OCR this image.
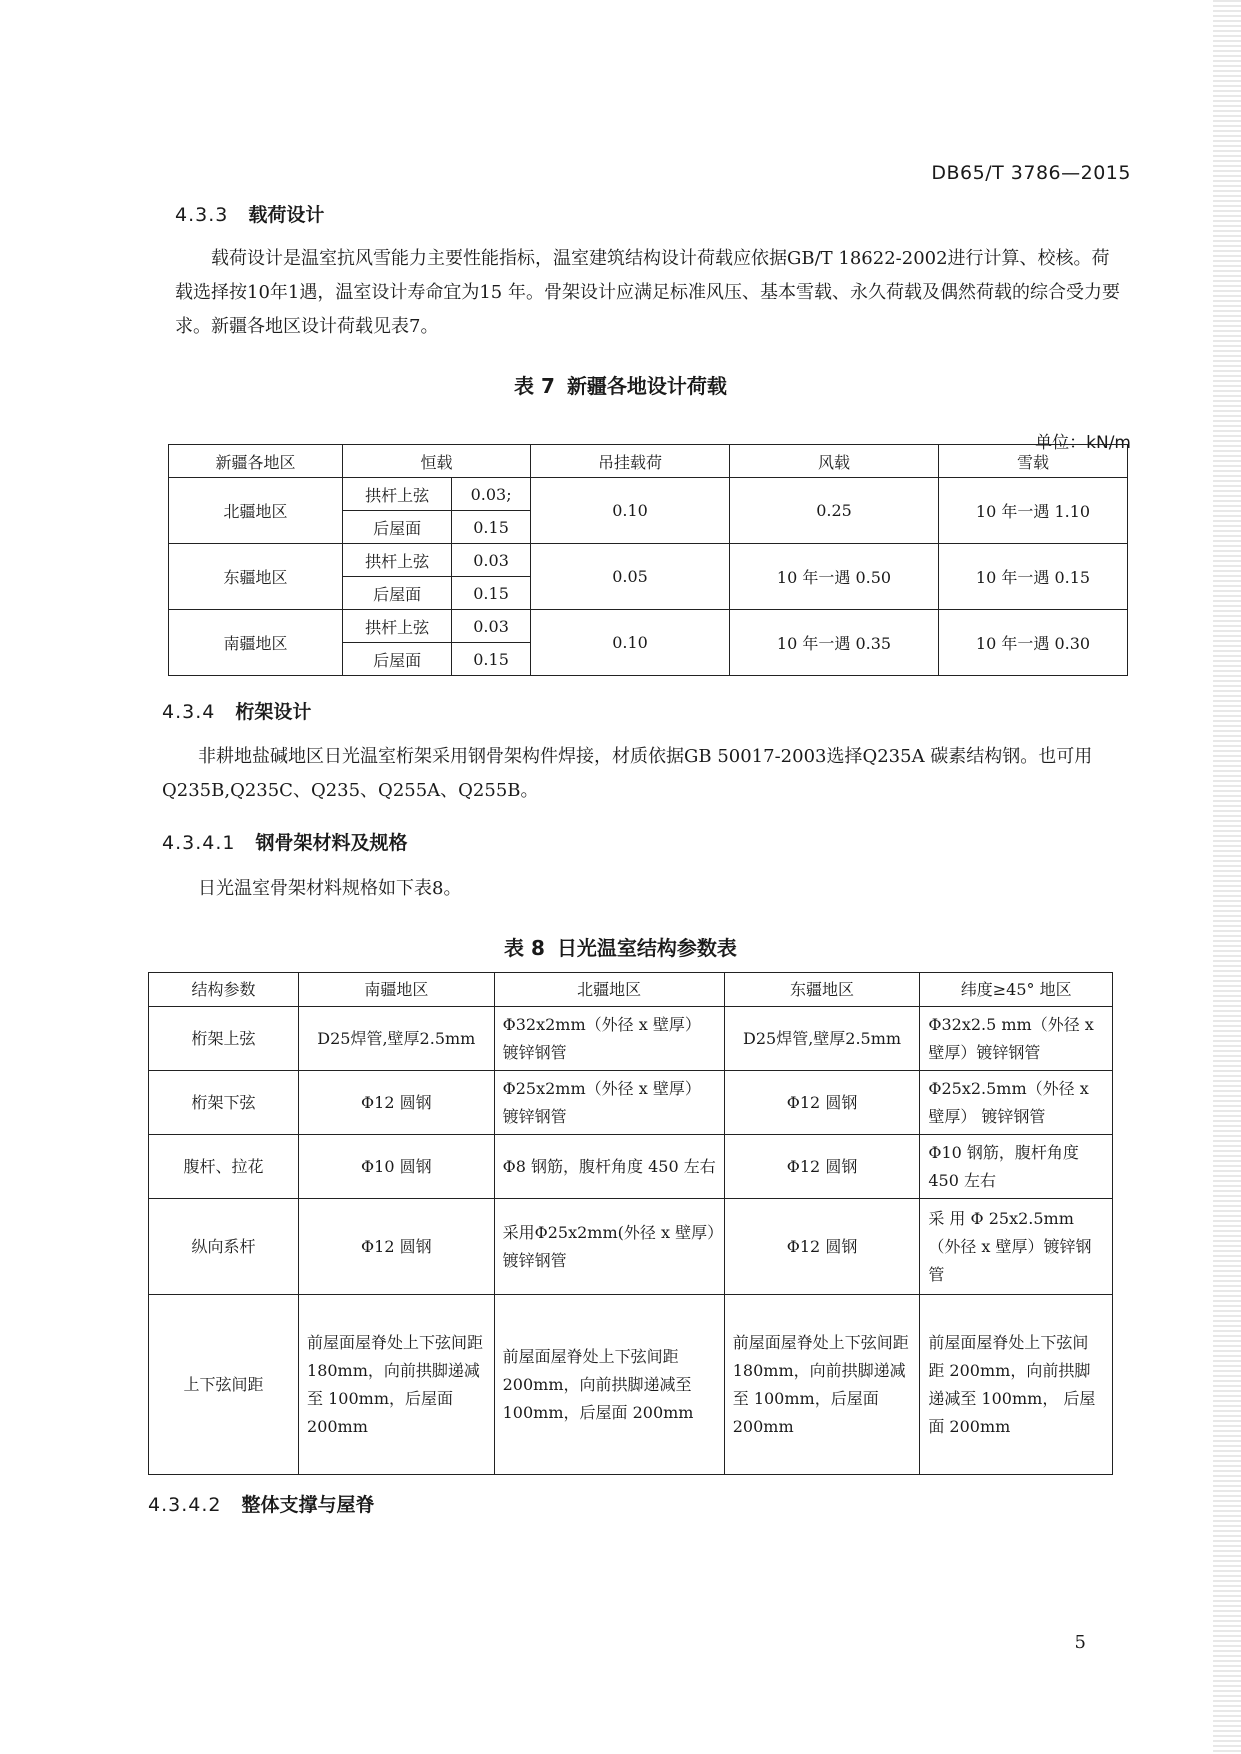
DB65/T 3786—2015
4.3.3 载荷设计
载荷设计是温室抗风雪能力主要性能指标，温室建筑结构设计荷载应依据GB/T 18622-2002进行计算、校核。荷载选择按10年1遇，温室设计寿命宜为15 年。骨架设计应满足标准风压、基本雪载、永久荷载及偶然荷载的综合受力要求。新疆各地区设计荷载见表7。
表 7 新疆各地设计荷载
单位：kN/m
新疆各地区	恒载		吊挂载荷	风载	雪载
北疆地区	拱杆上弦	0.03;	0.10	0.25	10 年一遇 1.10
	后屋面	0.15			
东疆地区	拱杆上弦	0.03	0.05	10 年一遇 0.50	10 年一遇 0.15
	后屋面	0.15			
南疆地区	拱杆上弦	0.03	0.10	10 年一遇 0.35	10 年一遇 0.30
	后屋面	0.15			
4.3.4 桁架设计
非耕地盐碱地区日光温室桁架采用钢骨架构件焊接，材质依据GB 50017-2003选择Q235A 碳素结构钢。也可用Q235B,Q235C、Q235、Q255A、Q255B。
4.3.4.1 钢骨架材料及规格
日光温室骨架材料规格如下表8。
表 8 日光温室结构参数表
结构参数	南疆地区	北疆地区	东疆地区	纬度≥45° 地区
桁架上弦	D25焊管,壁厚2.5mm	Φ32x2mm（外径 x 壁厚）镀锌钢管	D25焊管,壁厚2.5mm	Φ32x2.5 mm（外径 x 壁厚）镀锌钢管
桁架下弦	Φ12 圆钢	Φ25x2mm（外径 x 壁厚）镀锌钢管	Φ12 圆钢	Φ25x2.5mm（外径 x 壁厚） 镀锌钢管
腹杆、拉花	Φ10 圆钢	Φ8 钢筋，腹杆角度 450 左右	Φ12 圆钢	Φ10 钢筋，腹杆角度 450 左右
纵向系杆	Φ12 圆钢	采用Φ25x2mm(外径 x 壁厚）镀锌钢管	Φ12 圆钢	采 用 Φ 25x2.5mm（外径 x 壁厚）镀锌钢管
上下弦间距	前屋面屋脊处上下弦间距 180mm，向前拱脚递减至 100mm，后屋面 200mm	前屋面屋脊处上下弦间距 200mm，向前拱脚递减至 100mm，后屋面 200mm	前屋面屋脊处上下弦间距 180mm，向前拱脚递减至 100mm，后屋面 200mm	前屋面屋脊处上下弦间距 200mm，向前拱脚递减至 100mm， 后屋面 200mm
4.3.4.2 整体支撑与屋脊
5
